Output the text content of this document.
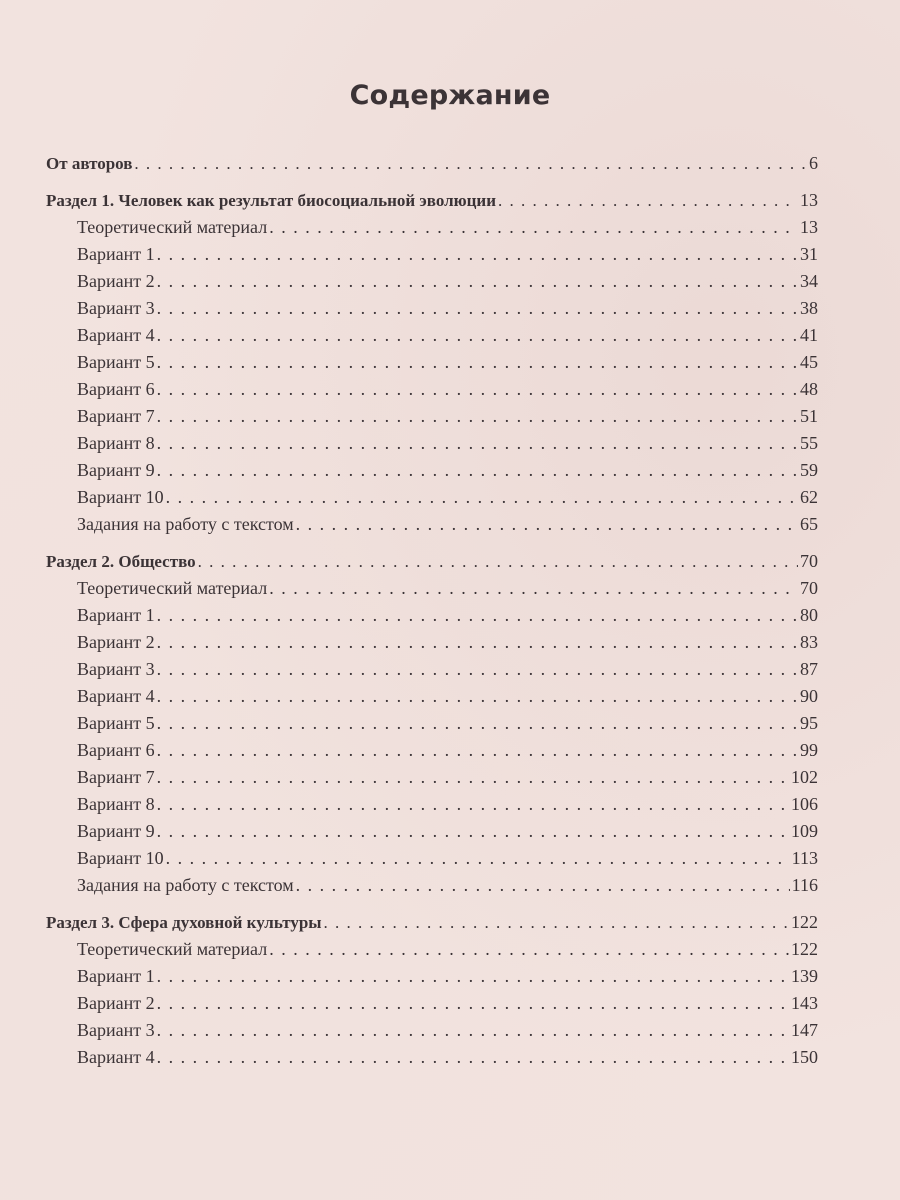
Содержание
От авторов . . .	6
Раздел 1. Человек как результат биосоциальной эволюции . . .	13
Теоретический материал . . .	13
Вариант 1 . . .	31
Вариант 2 . . .	34
Вариант 3 . . .	38
Вариант 4 . . .	41
Вариант 5 . . .	45
Вариант 6 . . .	48
Вариант 7 . . .	51
Вариант 8 . . .	55
Вариант 9 . . .	59
Вариант 10 . . .	62
Задания на работу с текстом . . .	65
Раздел 2. Общество . . .	70
Теоретический материал . . .	70
Вариант 1 . . .	80
Вариант 2 . . .	83
Вариант 3 . . .	87
Вариант 4 . . .	90
Вариант 5 . . .	95
Вариант 6 . . .	99
Вариант 7 . . .	102
Вариант 8 . . .	106
Вариант 9 . . .	109
Вариант 10 . . .	113
Задания на работу с текстом . . .	116
Раздел 3. Сфера духовной культуры . . .	122
Теоретический материал . . .	122
Вариант 1 . . .	139
Вариант 2 . . .	143
Вариант 3 . . .	147
Вариант 4 . . .	150
